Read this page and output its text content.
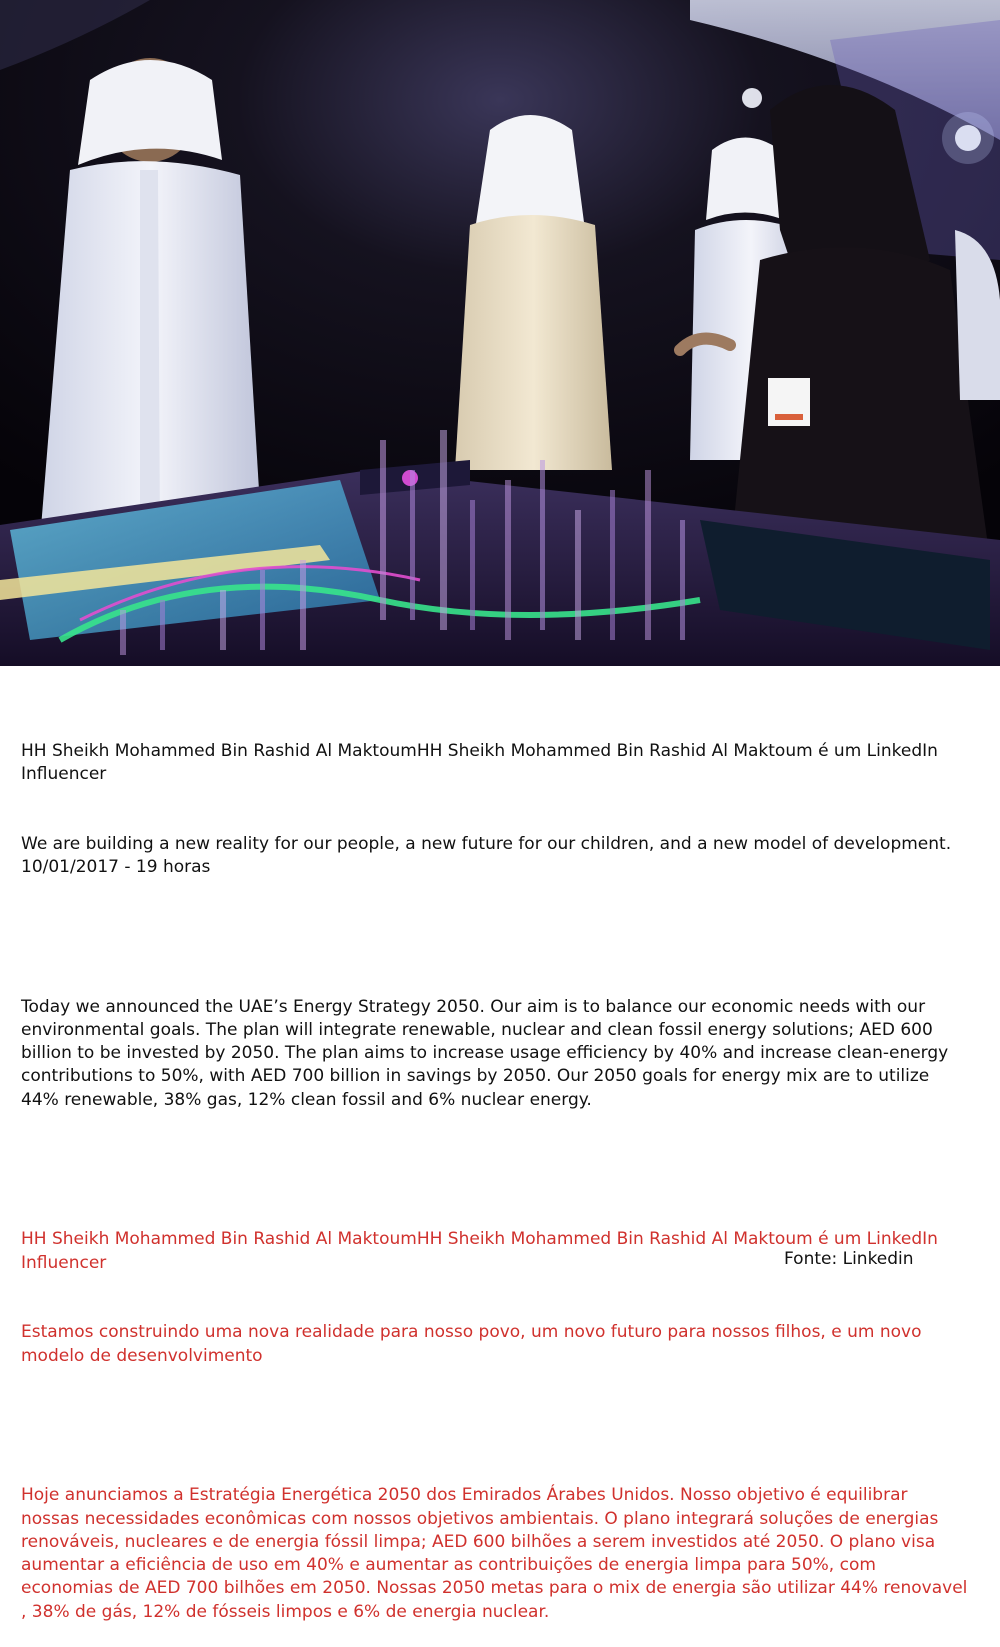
HH Sheikh Mohammed Bin Rashid Al MaktoumHH Sheikh Mohammed Bin Rashid Al Maktoum é um LinkedIn Influencer

We are building a new reality for our people, a new future for our children, and a new model of development. 10/01/2017 - 19 horas

Today we announced the UAE’s Energy Strategy 2050. Our aim is to balance our economic needs with our environmental goals. The plan will integrate renewable, nuclear and clean fossil energy solutions; AED 600 billion to be invested by 2050. The plan aims to increase usage efficiency by 40% and increase clean-energy contributions to 50%, with AED 700 billion in savings by 2050. Our 2050 goals for energy mix are to utilize 44% renewable, 38% gas, 12% clean fossil and 6% nuclear energy.

HH Sheikh Mohammed Bin Rashid Al MaktoumHH Sheikh Mohammed Bin Rashid Al Maktoum é um LinkedIn Influencer

Estamos construindo uma nova realidade para nosso povo, um novo futuro para nossos filhos, e um novo modelo de desenvolvimento

Hoje anunciamos a Estratégia Energética 2050 dos Emirados Árabes Unidos. Nosso objetivo é equilibrar nossas necessidades econômicas com nossos objetivos ambientais. O plano integrará soluções de energias renováveis, nucleares e de energia fóssil limpa; AED 600 bilhões a serem investidos até 2050. O plano visa aumentar a eficiência de uso em 40% e aumentar as contribuições de energia limpa para 50%, com economias de AED 700 bilhões em 2050. Nossas 2050 metas para o mix de energia são utilizar 44% renovavel , 38% de gás, 12% de fósseis limpos e 6% de energia nuclear.

Fonte: Linkedin
